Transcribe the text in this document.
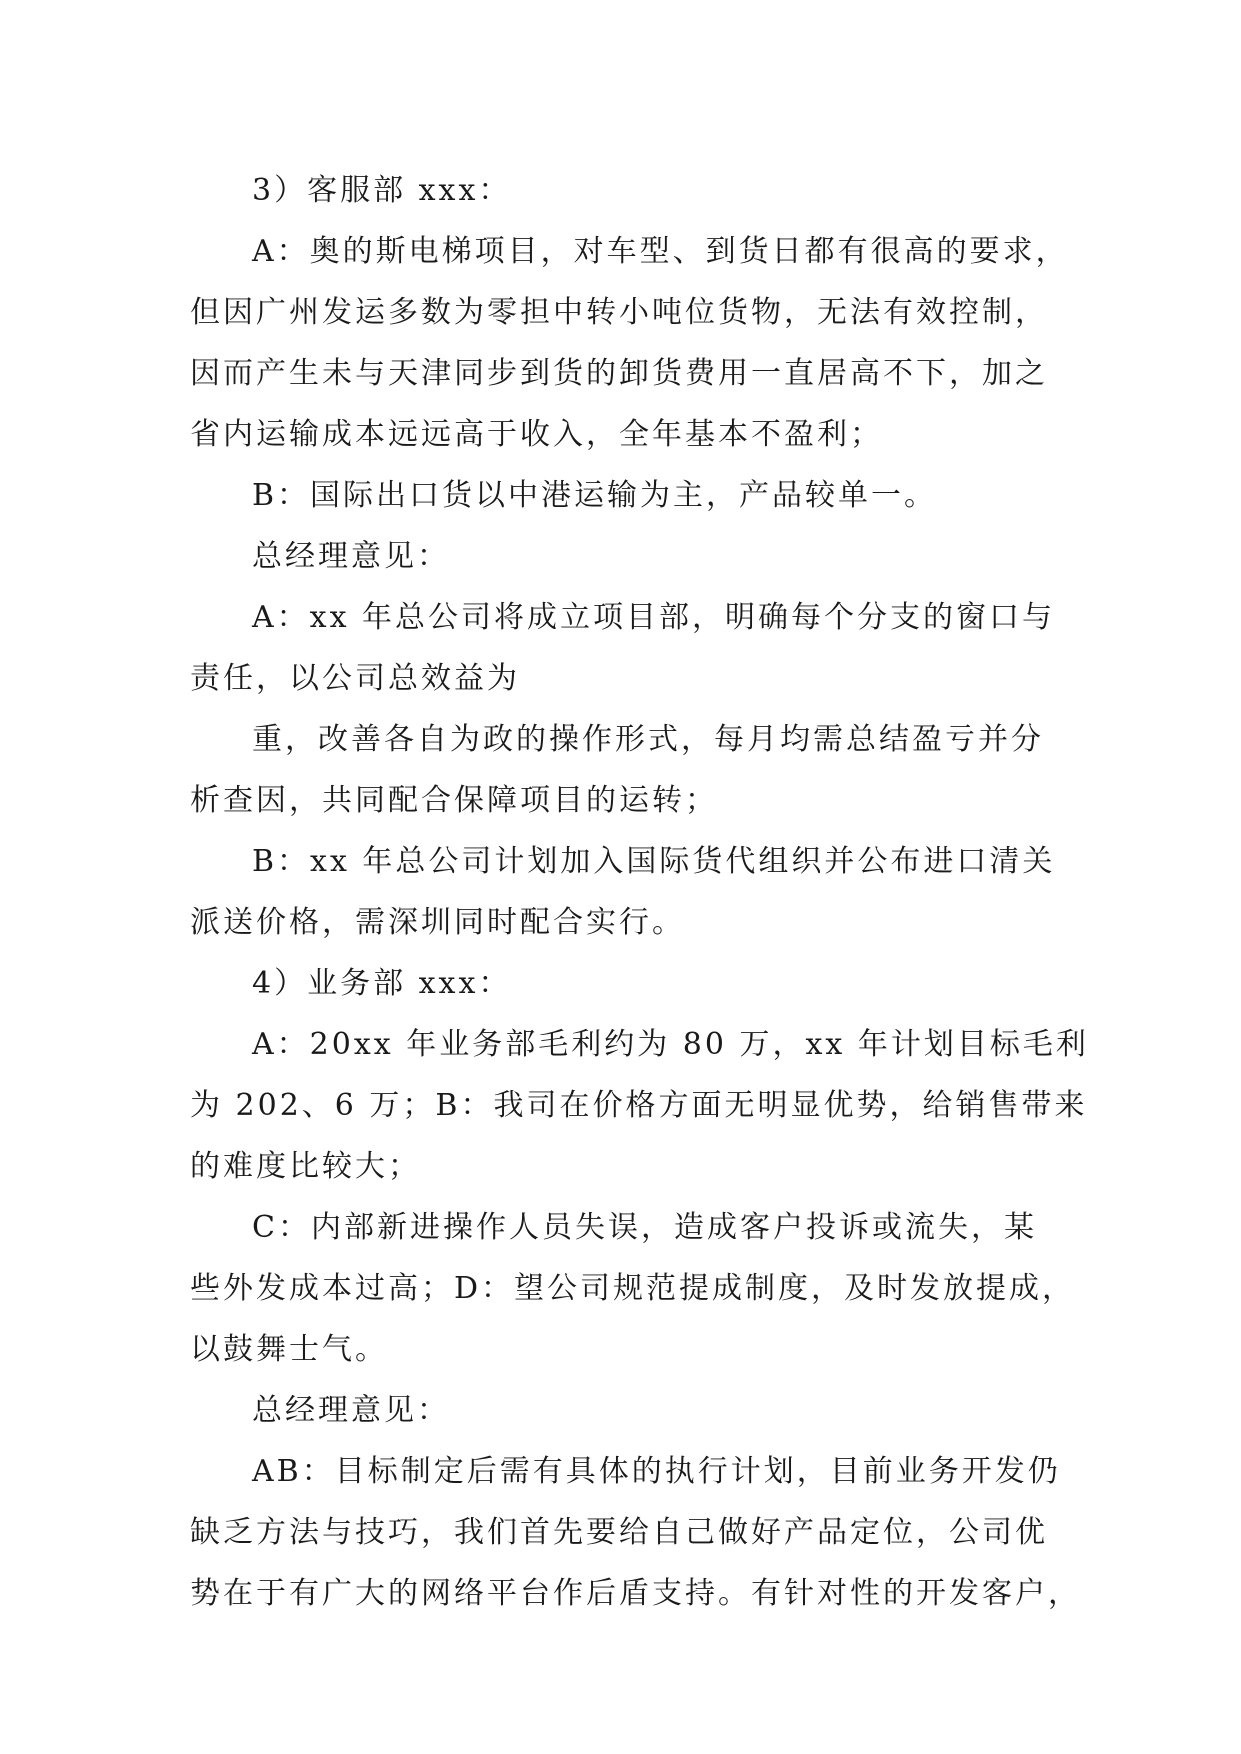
3）客服部 xxx：
A：奥的斯电梯项目，对车型、到货日都有很高的要求，
但因广州发运多数为零担中转小吨位货物，无法有效控制，
因而产生未与天津同步到货的卸货费用一直居高不下，加之
省内运输成本远远高于收入，全年基本不盈利；
B：国际出口货以中港运输为主，产品较单一。
总经理意见：
A：xx 年总公司将成立项目部，明确每个分支的窗口与
责任，以公司总效益为
重，改善各自为政的操作形式，每月均需总结盈亏并分
析查因，共同配合保障项目的运转；
B：xx 年总公司计划加入国际货代组织并公布进口清关
派送价格，需深圳同时配合实行。
4）业务部 xxx：
A：20xx 年业务部毛利约为 80 万，xx 年计划目标毛利
为 202、6 万；B：我司在价格方面无明显优势，给销售带来
的难度比较大；
C：内部新进操作人员失误，造成客户投诉或流失，某
些外发成本过高；D：望公司规范提成制度，及时发放提成，
以鼓舞士气。
总经理意见：
AB：目标制定后需有具体的执行计划，目前业务开发仍
缺乏方法与技巧，我们首先要给自己做好产品定位，公司优
势在于有广大的网络平台作后盾支持。有针对性的开发客户，
